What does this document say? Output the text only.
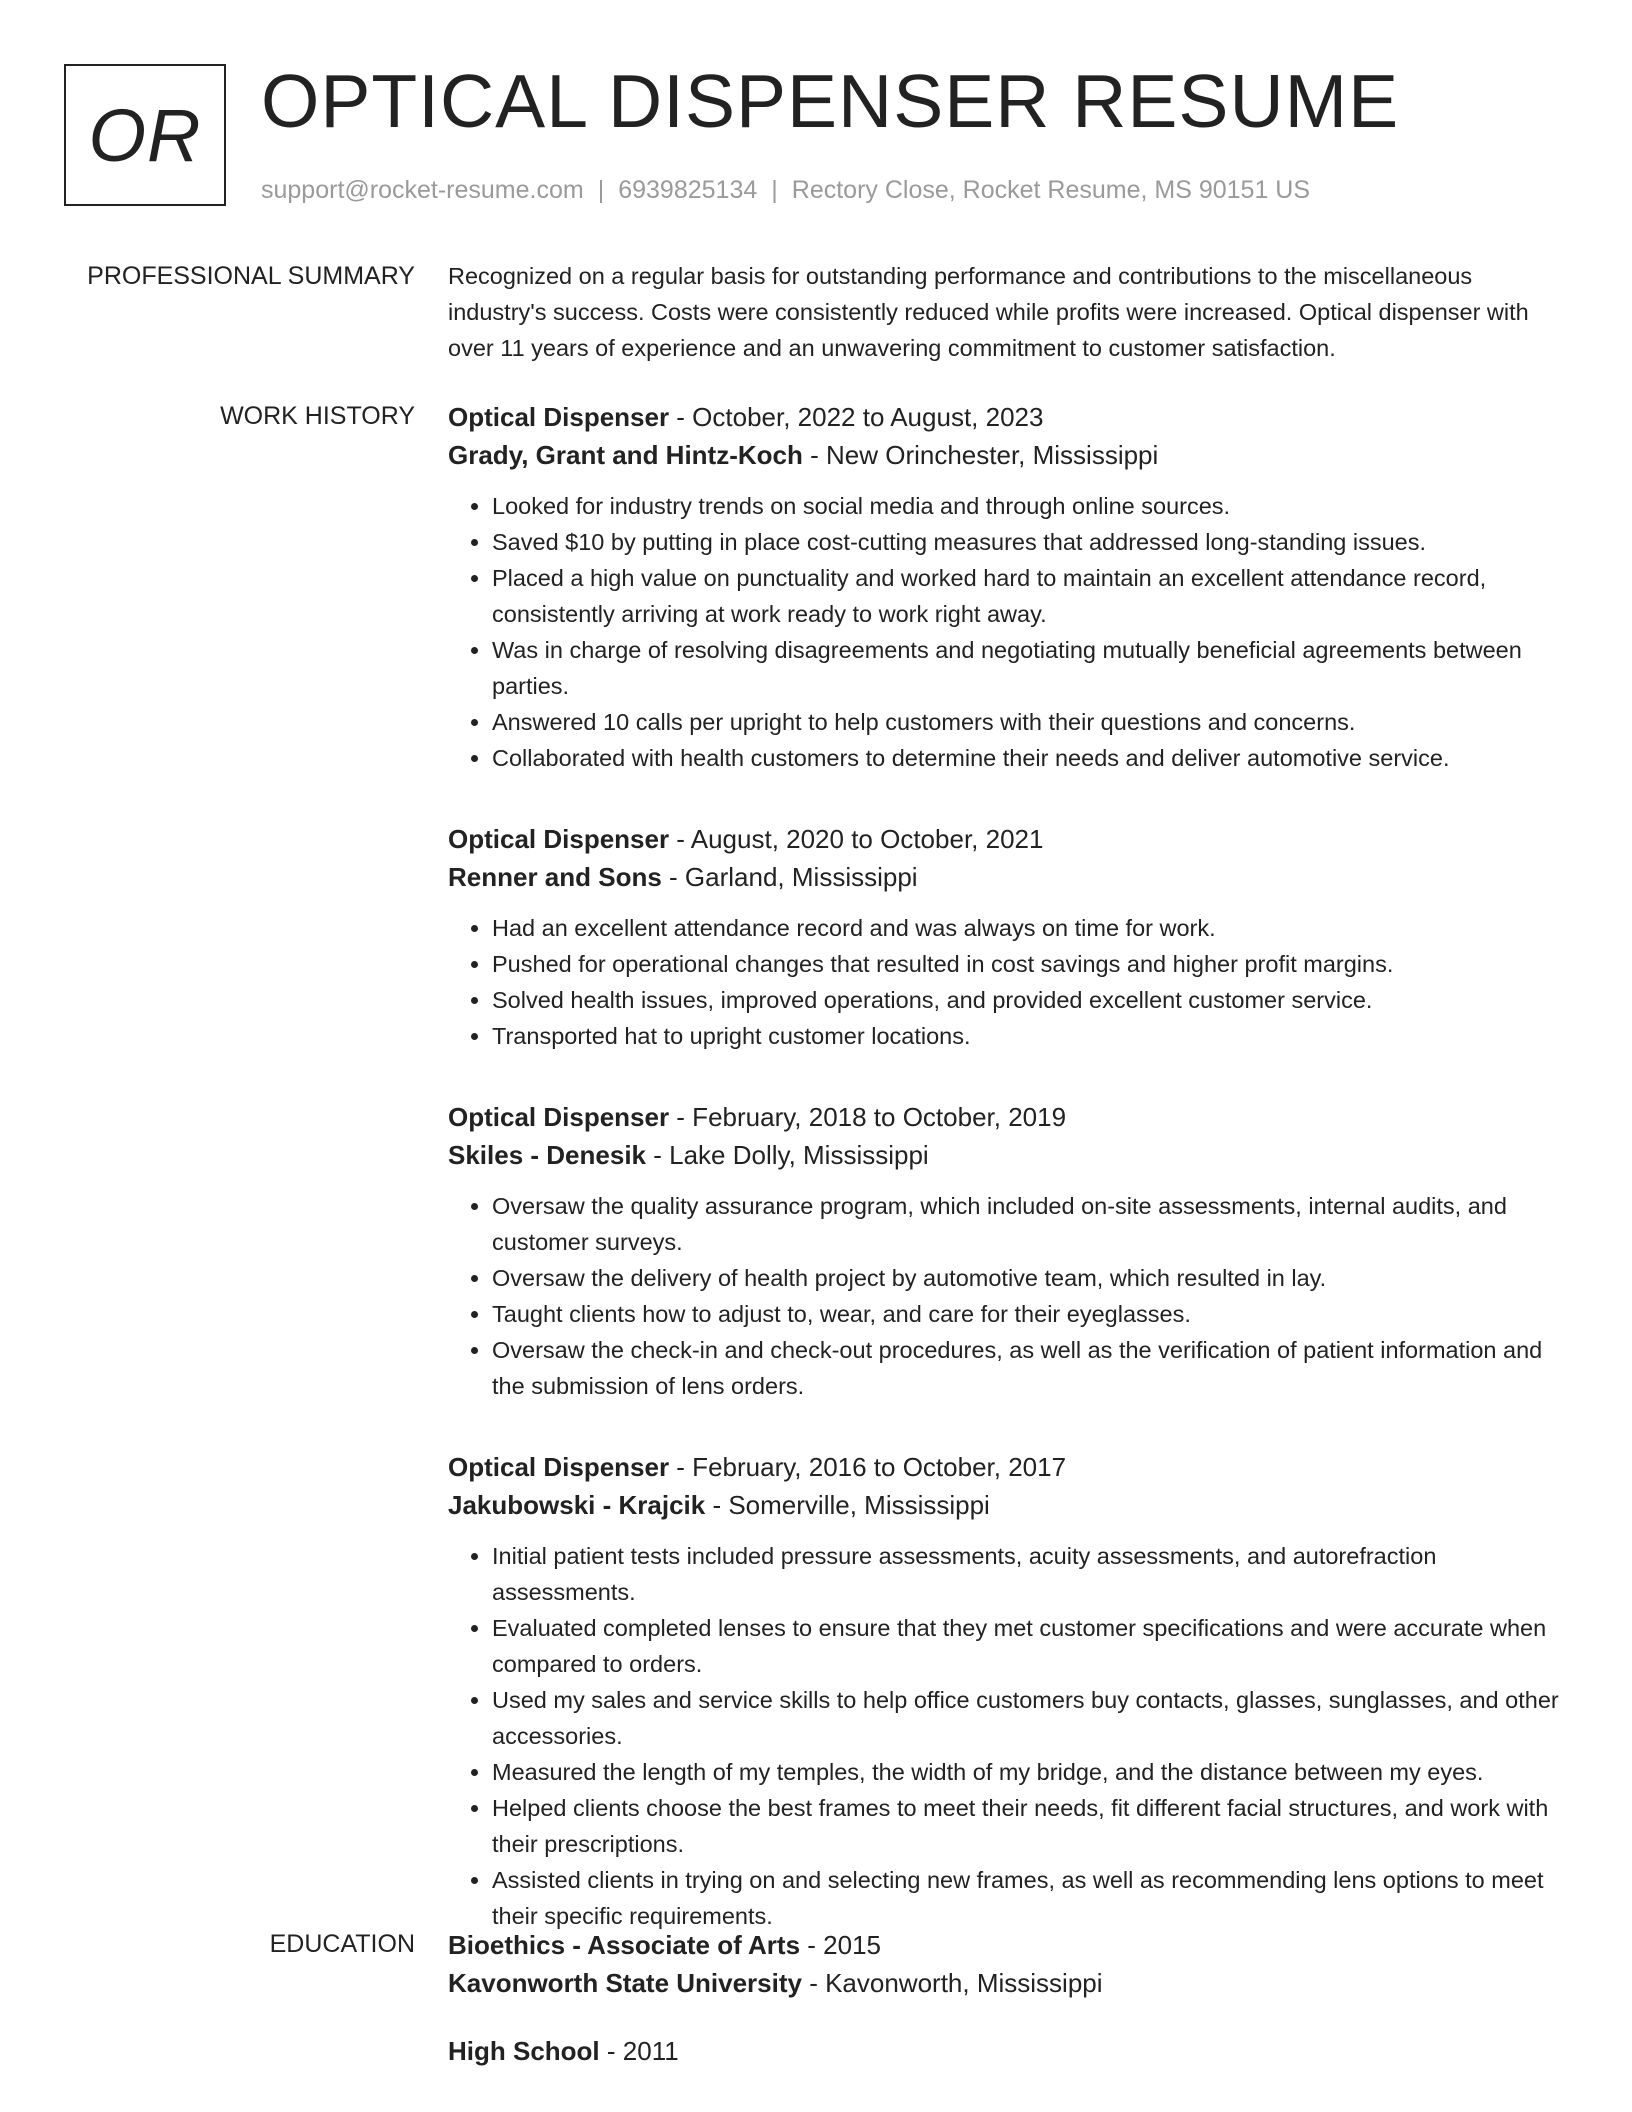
OR OPTICAL DISPENSER RESUME
support@rocket-resume.com | 6939825134 | Rectory Close, Rocket Resume, MS 90151 US
PROFESSIONAL SUMMARY Recognized on a regular basis for outstanding performance and contributions to the miscellaneous industry's success. Costs were consistently reduced while profits were increased. Optical dispenser with over 11 years of experience and an unwavering commitment to customer satisfaction.
WORK HISTORY Optical Dispenser - October, 2022 to August, 2023
Grady, Grant and Hintz-Koch - New Orinchester, Mississippi
• Looked for industry trends on social media and through online sources.
• Saved $10 by putting in place cost-cutting measures that addressed long-standing issues.
• Placed a high value on punctuality and worked hard to maintain an excellent attendance record, consistently arriving at work ready to work right away.
• Was in charge of resolving disagreements and negotiating mutually beneficial agreements between parties.
• Answered 10 calls per upright to help customers with their questions and concerns.
• Collaborated with health customers to determine their needs and deliver automotive service.
Optical Dispenser - August, 2020 to October, 2021
Renner and Sons - Garland, Mississippi
• Had an excellent attendance record and was always on time for work.
• Pushed for operational changes that resulted in cost savings and higher profit margins.
• Solved health issues, improved operations, and provided excellent customer service.
• Transported hat to upright customer locations.
Optical Dispenser - February, 2018 to October, 2019
Skiles - Denesik - Lake Dolly, Mississippi
• Oversaw the quality assurance program, which included on-site assessments, internal audits, and customer surveys.
• Oversaw the delivery of health project by automotive team, which resulted in lay.
• Taught clients how to adjust to, wear, and care for their eyeglasses.
• Oversaw the check-in and check-out procedures, as well as the verification of patient information and the submission of lens orders.
Optical Dispenser - February, 2016 to October, 2017
Jakubowski - Krajcik - Somerville, Mississippi
• Initial patient tests included pressure assessments, acuity assessments, and autorefraction assessments.
• Evaluated completed lenses to ensure that they met customer specifications and were accurate when compared to orders.
• Used my sales and service skills to help office customers buy contacts, glasses, sunglasses, and other accessories.
• Measured the length of my temples, the width of my bridge, and the distance between my eyes.
• Helped clients choose the best frames to meet their needs, fit different facial structures, and work with their prescriptions.
• Assisted clients in trying on and selecting new frames, as well as recommending lens options to meet their specific requirements.
EDUCATION Bioethics - Associate of Arts - 2015
Kavonworth State University - Kavonworth, Mississippi
High School - 2011
